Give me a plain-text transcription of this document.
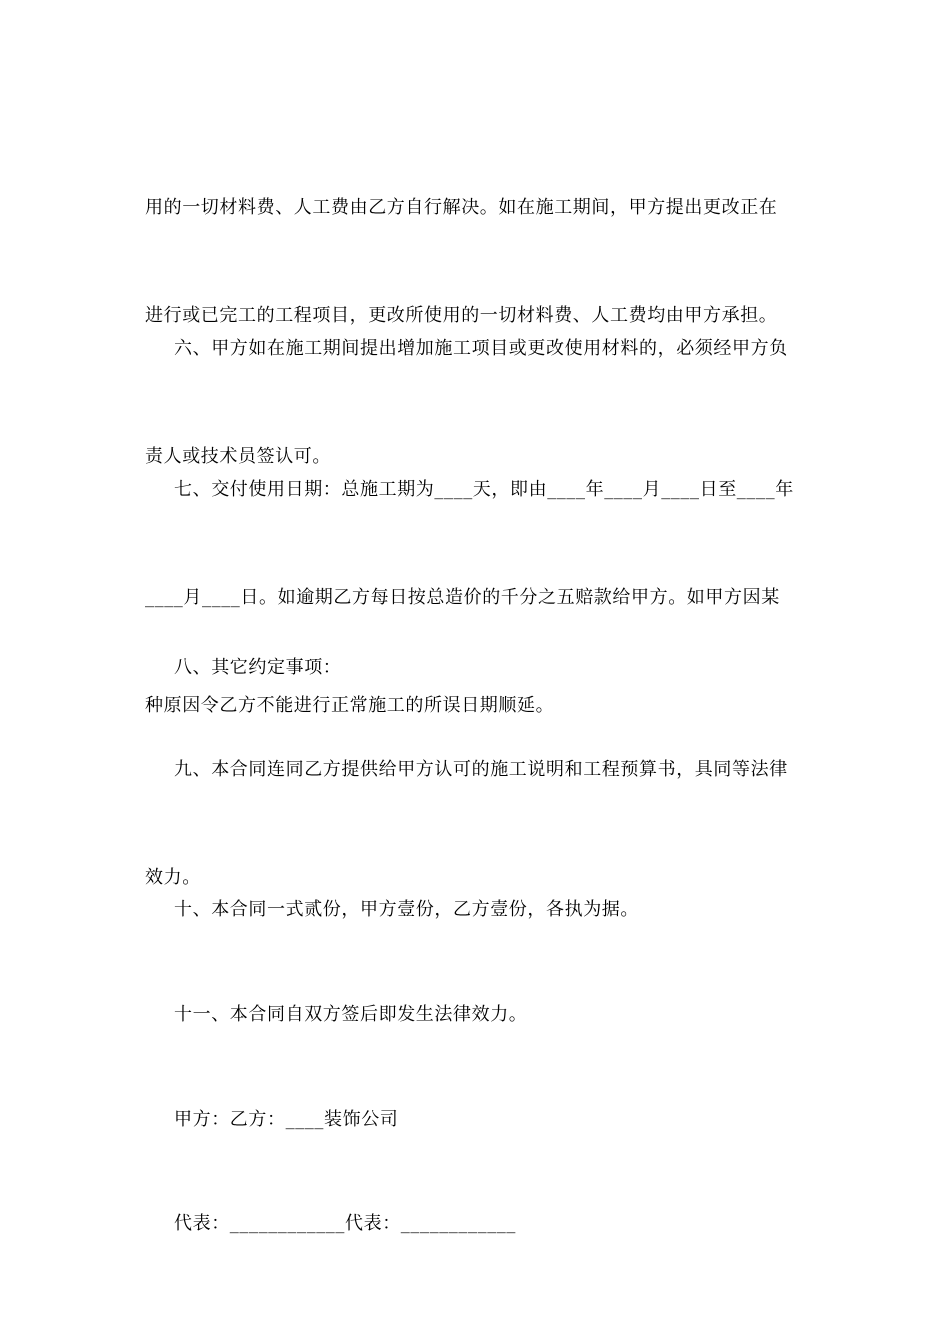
用的一切材料费、人工费由乙方自行解决。如在施工期间，甲方提出更改正在

进行或已完工的工程项目，更改所使用的一切材料费、人工费均由甲方承担。

六、甲方如在施工期间提出增加施工项目或更改使用材料的，必须经甲方负

责人或技术员签认可。

七、交付使用日期：总施工期为____天，即由____年____月____日至____年

____月____日。如逾期乙方每日按总造价的千分之五赔款给甲方。如甲方因某

种原因令乙方不能进行正常施工的所误日期顺延。

八、其它约定事项：

九、本合同连同乙方提供给甲方认可的施工说明和工程预算书，具同等法律

效力。

十、本合同一式贰份，甲方壹份，乙方壹份，各执为据。

十一、本合同自双方签后即发生法律效力。

甲方：乙方：____装饰公司

代表：____________代表：____________
